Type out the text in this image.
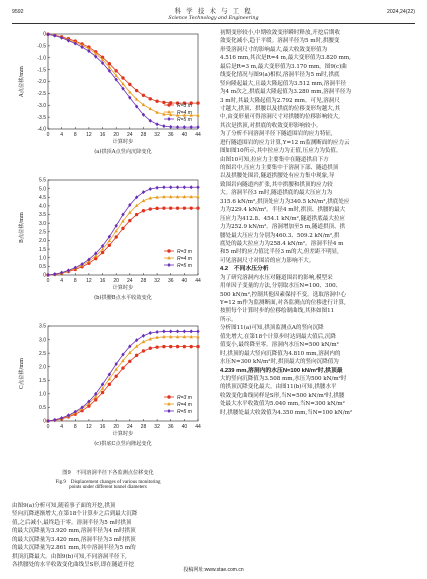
9592	科 学 技 术 与 工 程
Science Technology and Engineering
2024,24(22)
0
-0.5
-1.0
-1.5
-2.0
-2.5
-3.0
-3.5
-4.0
0 4 8 12 16 20 24 28 32 36 40 44
计算时步
A点位移/mm
(a)拱顶A点竖向沉降变化
R=3 m
R=4 m
R=5 m
0
0.5
1.0
1.5
2.0
2.5
3.0
3.5
4.0
4.5
5.0
5.5
0 4 8 12 16 20 24 28 32 36 40 44
计算时步
B点位移/mm
(b)拱腰B点水平收敛变化
R=3 m
R=4 m
R=5 m
0
0.5
1.0
1.5
2.0
2.5
3.0
3.5
0 4 8 12 16 20 24 28 32 36 40 44
计算时步
C点位移/mm
(c)拱底C点竖向隆起变化
R=3 m
R=4 m
R=5 m
图9　不同溶洞半径下各监测点位移变化
Fig.9　Displacement changes of various monitoring
points under different tunnel diameters
由图9(a)分析可知,随着事子面的开挖,拱顶
竖向沉降逐渐增大,在第18个计算步之后到最大沉降
值,之后减小,最终趋于零。溶洞半径为5 m时拱顶
的最大沉降量为3.920 mm,溶洞半径为4 m时拱顶
的最大沉降量为3.420 mm,溶洞半径为3 m时拱顶
的最大沉降量为2.861 mm,其中溶洞半径为5 m的
拱顶沉降最大。由图9(b)可知,不同溶洞半径下,
各拱腰处的水平收敛变化曲线呈S形,即在隧道开挖
初期变形较小,中期收敛变形瞬时释放,开挖后期收
敛变化减小,趋于平缓。溶洞半径为5 m时,拱腰变
形受溶洞尺寸的影响最大,最大收敛变形值为
4.516 mm,其次是R=4 m,最大变形值为3.820 mm,
最后是R=3 m,最大变形值为3.170 mm。图9(c)曲
线变化情况与图9(a)相似,溶洞半径为5 m时,拱底
竖向隆起最大,且最大隆起值为3.512 mm,溶洞半径
为4 m次之,拱底最大隆起值为3.280 mm,溶洞半径为
3 m时,其最大隆起值为2.792 mm。可见,溶洞尺
寸越大,拱顶、拱腰以及拱底的位移变形均越大,其
中,由变形量可得溶洞尺寸对拱腰的位移影响较大,
其次是拱顶,对拱底的收敛变形影响较小。
为了分析不同溶洞半径下隧道围岩的应力特征,
进行隧道围岩的应力计算,Y=12 m监测断面的应力云
图如图10所示,其中拉应力为正值,压应力为负值。
由图10可知,拉应力主要集中在隧道拱肩下方
的图岩中,压应力主要集中于溶洞下部、隧道拱顶
以及拱腰处围岩,隧道拱腰处有应力集中现象,导
致围岩向隧道内扩张,其中拱腰和拱顶的应力较
大。溶洞半径3 m时,隧道拱底的最大压应力为
315.6 kN/m²,拱顶处应力为340.5 kN/m²,拱底处应
力为229.4 kN/m²。半径4 m时,拱顶、拱腰的最大
压应力为412.8、454.1 kN/m²,隧道拱底最大拉应
力为252.9 kN/m²。溶洞增加至5 m,隧道拱顶、拱
腰处最大压应力分别为460.3、509.2 kN/m²,拱
底处的最大拉应力为258.4 kN/m²。溶洞半径4 m
和5 m时的应力值比半径3 m的大,但差距不明显,
可见溶洞尺寸对围岩的应力影响不大。
4.2　不同水压分析
为了研究溶洞内水压对隧道围岩的影响,模型采
用单因子变量的方法,分别取水压N=100、300、
500 kN/m²,控制其他因素保持不变。选取溶洞中心
Y=12 m作为监测断面,对各监测点的位移进行计算,
按照每个计算时步的位移绘制曲线,其体如图11
所示。
分析图11(a)可知,拱顶监测点A的竖向沉降
值先增大,在第18个计算步时达到最大值后,沉降
值变小,最终降至零。溶洞内水压N=500 kN/m²
时,拱顶的最大竖向沉降值为4.810 mm,溶洞内的
水压N=300 kN/m²时,拱顶最大的竖向沉降值为
4.239 mm,溶洞内的水压N=100 kN/m²时,拱顶最
大的竖向沉降值为3.508 mm,水压为500 kN/m²时
的拱顶沉降变化最大。由图11(b)可知,拱腰水平
收敛变化曲线同样是S形,当N=500 kN/m²时,拱腰
处最大水平收敛值为5.040 mm,当N=300 kN/m²
时,拱腰处最大收敛值为4.350 mm,当N=100 kN/m²
投稿网址:www.stae.com.cn
